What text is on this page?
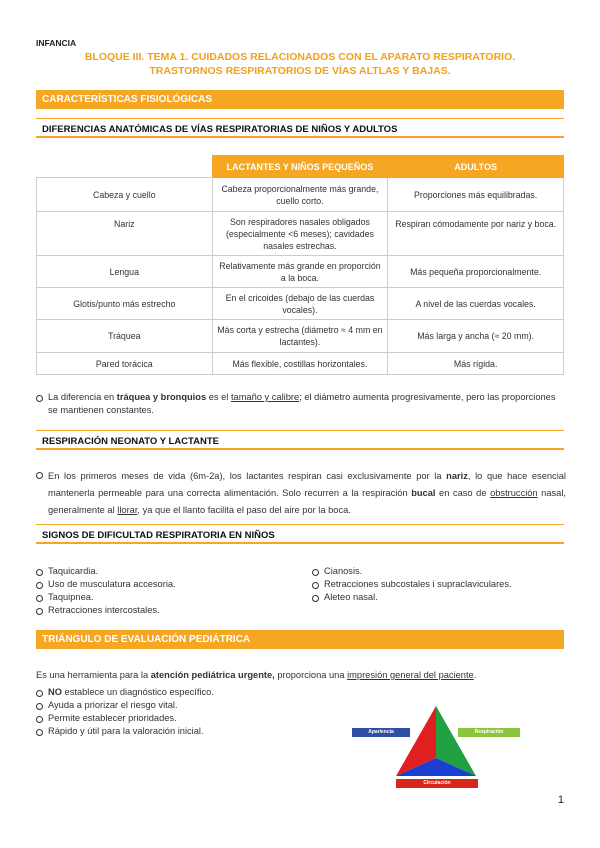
INFANCIA
BLOQUE III. TEMA 1. CUIDADOS RELACIONADOS CON EL APARATO RESPIRATORIO.
TRASTORNOS RESPIRATORIOS DE VÍAS ALTLAS Y BAJAS.
CARACTERÍSTICAS FISIOLÓGICAS
DIFERENCIAS ANATÓMICAS DE VÍAS RESPIRATORIAS DE NIÑOS Y ADULTOS
	LACTANTES Y NIÑOS PEQUEÑOS	ADULTOS
Cabeza y cuello	Cabeza proporcionalmente más grande, cuello corto.	Proporciones más equilibradas.
Nariz	Son respiradores nasales obligados (especialmente <6 meses); cavidades nasales estrechas.	Respiran cómodamente por nariz y boca.
Lengua	Relativamente más grande en proporción a la boca.	Más pequeña proporcionalmente.
Glotis/punto más estrecho	En el cricoides (debajo de las cuerdas vocales).	A nivel de las cuerdas vocales.
Tráquea	Más corta y estrecha (diámetro ≈ 4 mm en lactantes).	Más larga y ancha (≈ 20 mm).
Pared torácica	Más flexible, costillas horizontales.	Más rígida.
La diferencia en tráquea y bronquios es el tamaño y calibre; el diámetro aumenta progresivamente, pero las proporciones se mantienen constantes.
RESPIRACIÓN NEONATO Y LACTANTE
En los primeros meses de vida (6m-2a), los lactantes respiran casi exclusivamente por la nariz, lo que hace esencial mantenerla permeable para una correcta alimentación. Solo recurren a la respiración bucal en caso de obstrucción nasal, generalmente al llorar, ya que el llanto facilita el paso del aire por la boca.
SIGNOS DE DIFICULTAD RESPIRATORIA EN NIÑOS
Taquicardia.
Uso de musculatura accesoria.
Taquipnea.
Retracciones intercostales.
Cianosis.
Retracciones subcostales i supraclaviculares.
Aleteo nasal.
TRIÁNGULO DE EVALUACIÓN PEDIÁTRICA
Es una herramienta para la atención pediátrica urgente, proporciona una impresión general del paciente.
NO establece un diagnóstico específico.
Ayuda a priorizar el riesgo vital.
Permite establecer prioridades.
Rápido y útil para la valoración inicial.	Apariencia	Respiración
Circulación
1
